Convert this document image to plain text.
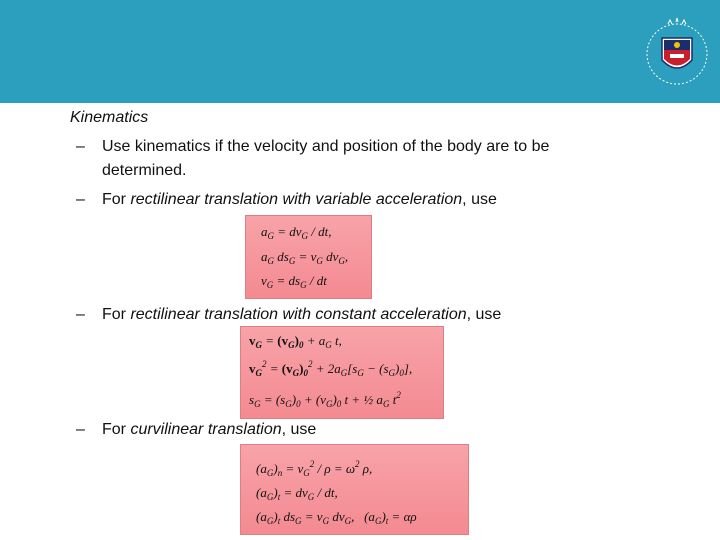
Kinematics
– Use kinematics if the velocity and position of the body are to be
determined.
– For rectilinear translation with variable acceleration, use
$a_G = dv_G$ / dt,
$a_G$ $ds_G = v_G$ $dv_G$,
$v_G = ds_G$ / dt
– For rectilinear translation with constant acceleration, use
$v_G = (v_G)_0 + a_G$ t,
$v_G^2 = (v_G)_0^2 + 2a_G[s_G - (s_G)_0]$,
$s_G = (s_G)_0 + (v_G)_0$ t + ½ $a_G$ $t^2$
– For curvilinear translation, use
$(a_G)_n = v_G^2 / \rho = \omega^2$ ρ,
$(a_G)_t = dv_G$ / dt,
$(a_G)_t$ $ds_G = v_G$ $dv_G$,   $(a_G)_t = \alpha\rho$
